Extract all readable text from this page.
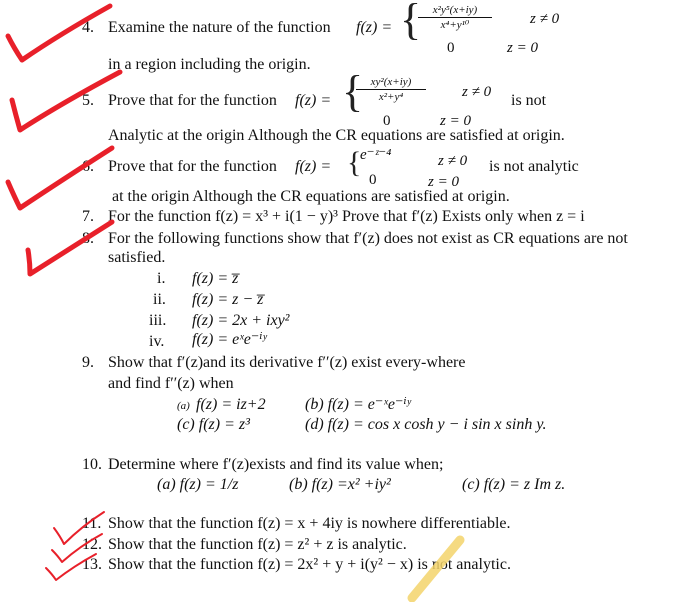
4. Examine the nature of the function f(z) = {	x²y⁵(x+iy)
x⁴+y¹⁰
0
z ≠ 0
z = 0
in a region including the origin.
5. Prove that for the function f(z) = { xy²(x+iy)
x²+y⁴
0
z ≠ 0
z = 0
is not
Analytic at the origin Although the CR equations are satisfied at origin.
6. Prove that for the function f(z) = {
e⁻ᶻ⁻⁴
0
z ≠ 0
z = 0
is not analytic
at the origin Although the CR equations are satisfied at origin.
7. For the function f(z) = x³ + i(1 − y)³ Prove that f′(z) Exists only when z = i
8. For the following functions show that f′(z) does not exist as CR equations are not
satisfied.
i. f(z) = z̅
ii. f(z) = z − z̅
iii. f(z) = 2x + ixy²
iv. f(z) = eˣe⁻ⁱʸ
9. Show that f′(z)and its derivative f′′(z) exist every-where
and find f′′(z) when
(a) f(z) = iz+2 (b) f(z) = e⁻ˣe⁻ⁱʸ
(c) f(z) = z³	(d) f(z) = cos x cosh y − i sin x sinh y.
10. Determine where f′(z)exists and find its value when;
(a) f(z) = 1/z	(b) f(z) =x² +iy²	(c) f(z) = z Im z.
11. Show that the function f(z) = x + 4iy is nowhere differentiable.
12. Show that the function f(z) = z² + z is analytic.
13. Show that the function f(z) = 2x² + y + i(y² − x) is not analytic.
